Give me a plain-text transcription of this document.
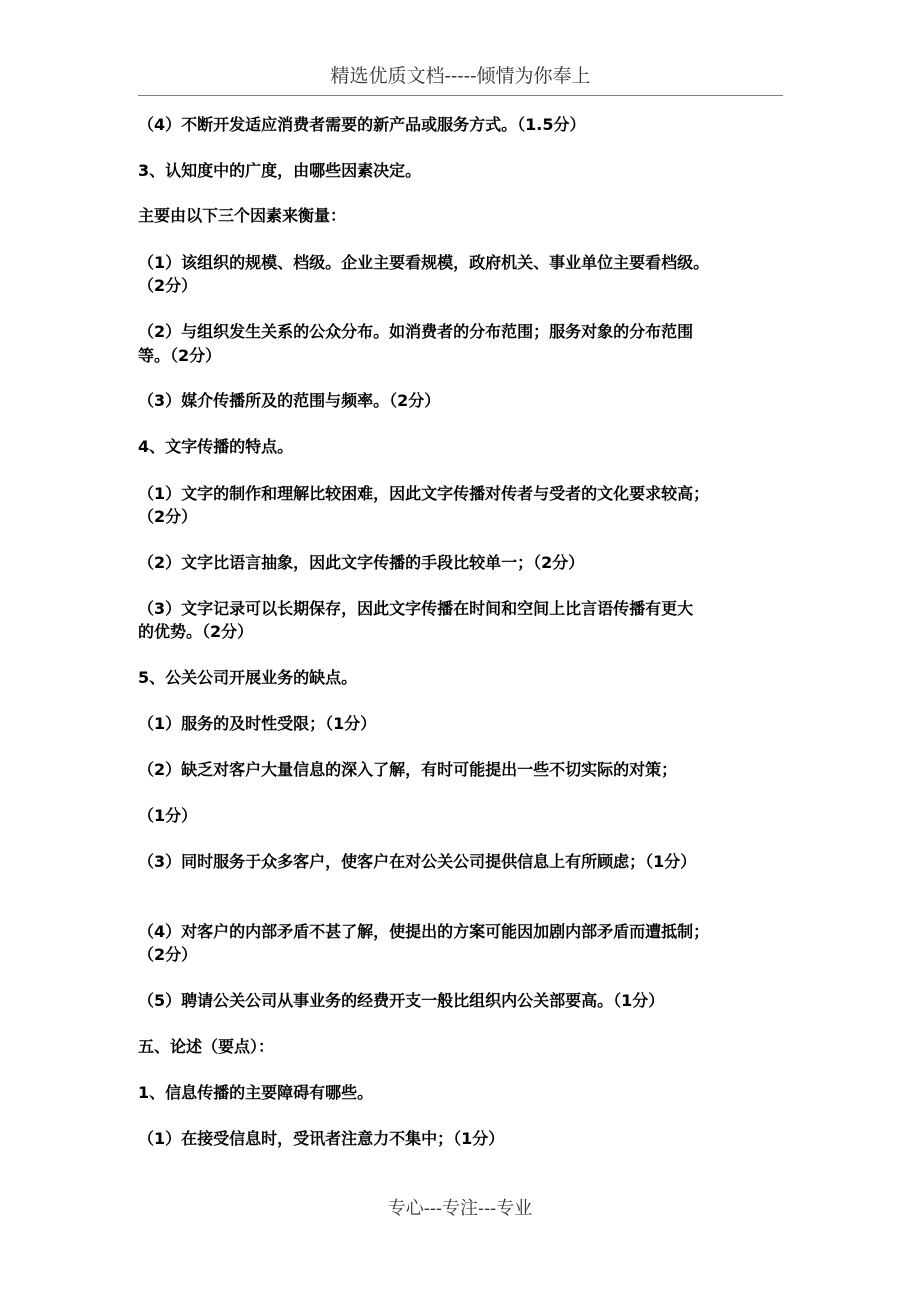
精选优质文档-----倾情为你奉上
（4）不断开发适应消费者需要的新产品或服务方式。（1.5分）
3、认知度中的广度，由哪些因素决定。
主要由以下三个因素来衡量：
（1）该组织的规模、档级。企业主要看规模，政府机关、事业单位主要看档级。
（2分）
（2）与组织发生关系的公众分布。如消费者的分布范围；服务对象的分布范围
等。（2分）
（3）媒介传播所及的范围与频率。（2分）
4、文字传播的特点。
（1）文字的制作和理解比较困难，因此文字传播对传者与受者的文化要求较高；
（2分）
（2）文字比语言抽象，因此文字传播的手段比较单一；（2分）
（3）文字记录可以长期保存，因此文字传播在时间和空间上比言语传播有更大
的优势。（2分）
5、公关公司开展业务的缺点。
（1）服务的及时性受限；（1分）
（2）缺乏对客户大量信息的深入了解，有时可能提出一些不切实际的对策；
（1分）
（3）同时服务于众多客户，使客户在对公关公司提供信息上有所顾虑；（1分）
（4）对客户的内部矛盾不甚了解，使提出的方案可能因加剧内部矛盾而遭抵制；
（2分）
（5）聘请公关公司从事业务的经费开支一般比组织内公关部要高。（1分）
五、论述（要点）：
1、信息传播的主要障碍有哪些。
（1）在接受信息时，受讯者注意力不集中；（1分）
专心---专注---专业
